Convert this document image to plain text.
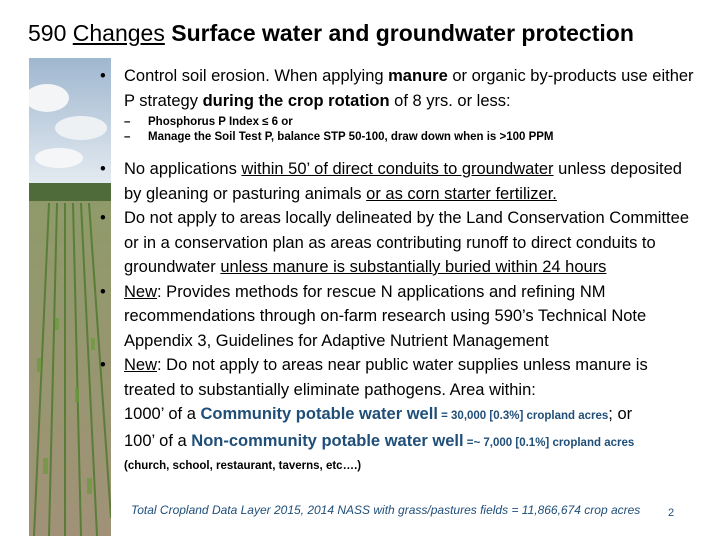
590 Changes Surface water and groundwater protection
• Control soil erosion. When applying manure or organic by-products use either P strategy during the crop rotation of 8 yrs. or less:
– Phosphorus P Index ≤ 6 or
– Manage the Soil Test P, balance STP 50-100, draw down when is >100 PPM
• No applications within 50’ of direct conduits to groundwater unless deposited by gleaning or pasturing animals or as corn starter fertilizer.
• Do not apply to areas locally delineated by the Land Conservation Committee or in a conservation plan as areas contributing runoff to direct conduits to groundwater unless manure is substantially buried within 24 hours
• New: Provides methods for rescue N applications and refining NM recommendations through on-farm research using 590’s Technical Note Appendix 3, Guidelines for Adaptive Nutrient Management
• New: Do not apply to areas near public water supplies unless manure is treated to substantially eliminate pathogens. Area within:
1000’ of a Community potable water well = 30,000 [0.3%] cropland acres; or
100’ of a Non-community potable water well =~ 7,000 [0.1%] cropland acres
(church, school, restaurant, taverns, etc….)
Total Cropland Data Layer 2015, 2014 NASS with grass/pastures fields = 11,866,674 crop acres	2
